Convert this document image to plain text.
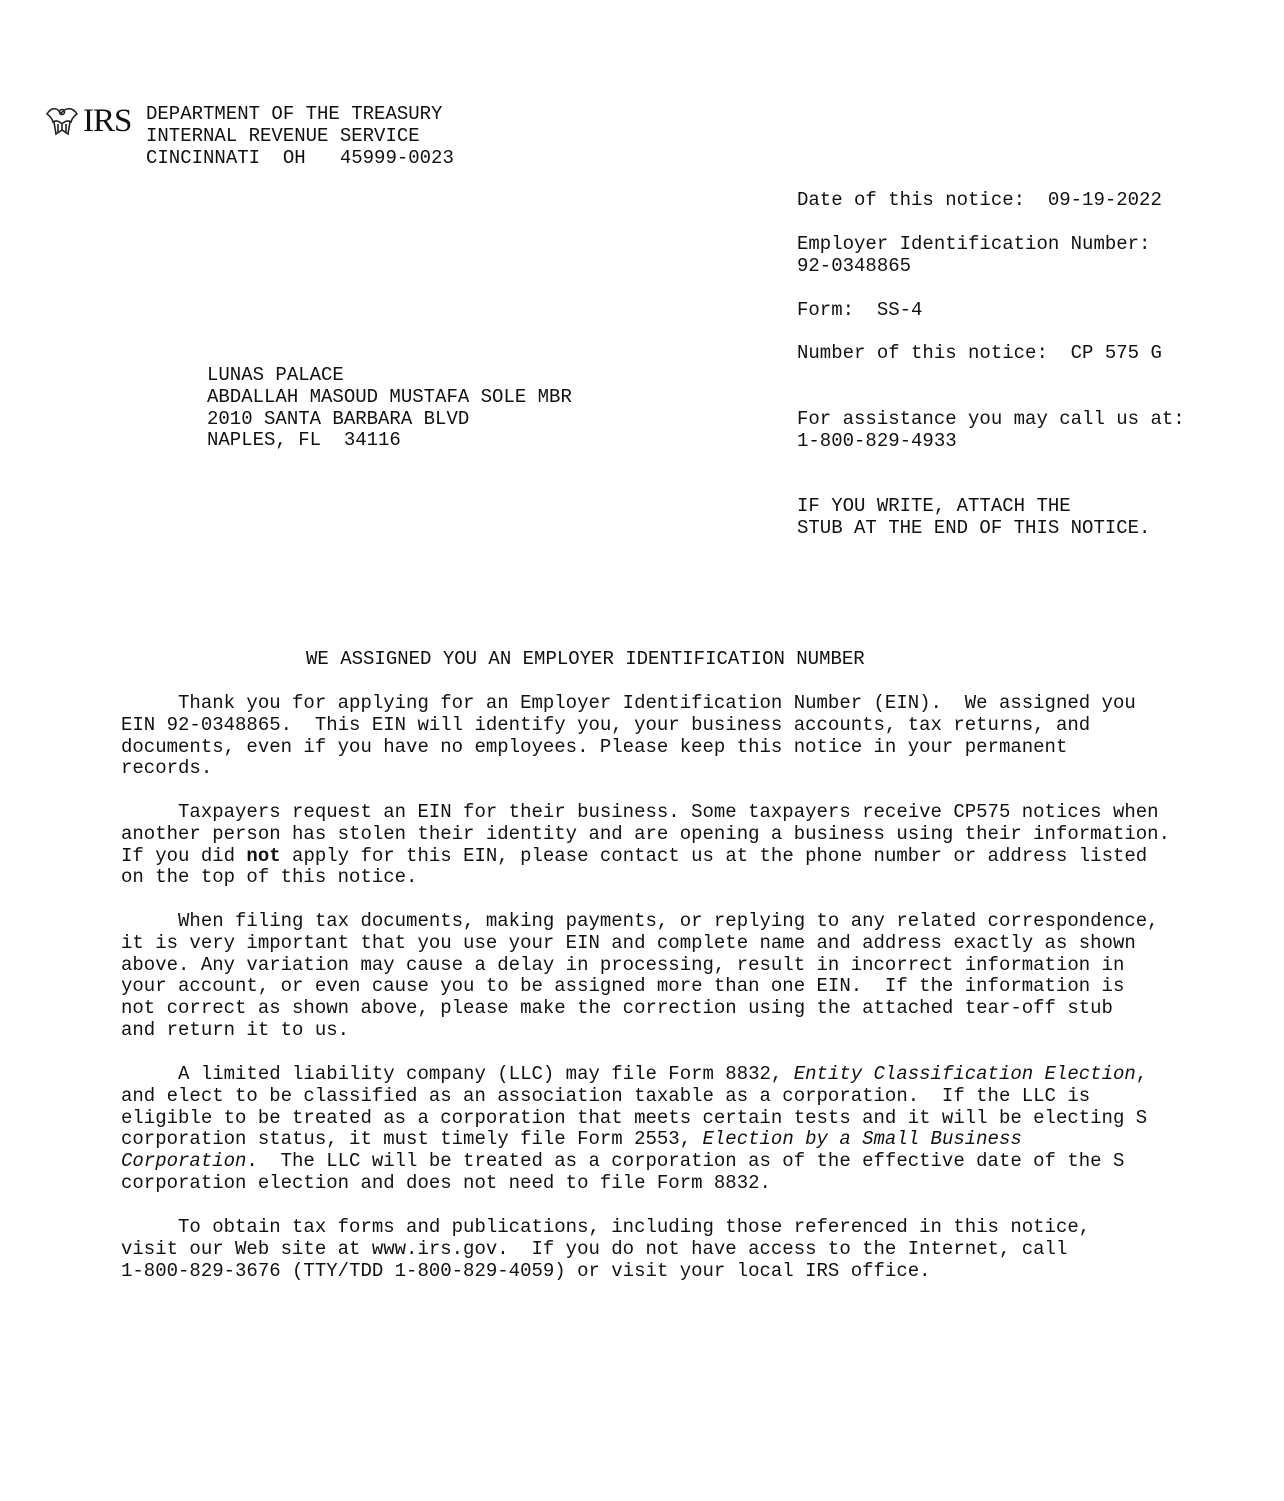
IRS DEPARTMENT OF THE TREASURY
INTERNAL REVENUE SERVICE
CINCINNATI  OH   45999-0023
Date of this notice:  09-19-2022
Employer Identification Number:
92-0348865
Form:  SS-4
Number of this notice:  CP 575 G
For assistance you may call us at:
1-800-829-4933
IF YOU WRITE, ATTACH THE
STUB AT THE END OF THIS NOTICE.
LUNAS PALACE
ABDALLAH MASOUD MUSTAFA SOLE MBR
2010 SANTA BARBARA BLVD
NAPLES, FL  34116
WE ASSIGNED YOU AN EMPLOYER IDENTIFICATION NUMBER
Thank you for applying for an Employer Identification Number (EIN).  We assigned you
EIN 92-0348865.  This EIN will identify you, your business accounts, tax returns, and
documents, even if you have no employees. Please keep this notice in your permanent
records.
Taxpayers request an EIN for their business. Some taxpayers receive CP575 notices when
another person has stolen their identity and are opening a business using their information.
If you did not apply for this EIN, please contact us at the phone number or address listed
on the top of this notice.
When filing tax documents, making payments, or replying to any related correspondence,
it is very important that you use your EIN and complete name and address exactly as shown
above. Any variation may cause a delay in processing, result in incorrect information in
your account, or even cause you to be assigned more than one EIN.  If the information is
not correct as shown above, please make the correction using the attached tear-off stub
and return it to us.
A limited liability company (LLC) may file Form 8832, Entity Classification Election,
and elect to be classified as an association taxable as a corporation.  If the LLC is
eligible to be treated as a corporation that meets certain tests and it will be electing S
corporation status, it must timely file Form 2553, Election by a Small Business
Corporation.  The LLC will be treated as a corporation as of the effective date of the S
corporation election and does not need to file Form 8832.
To obtain tax forms and publications, including those referenced in this notice,
visit our Web site at www.irs.gov.  If you do not have access to the Internet, call
1-800-829-3676 (TTY/TDD 1-800-829-4059) or visit your local IRS office.
